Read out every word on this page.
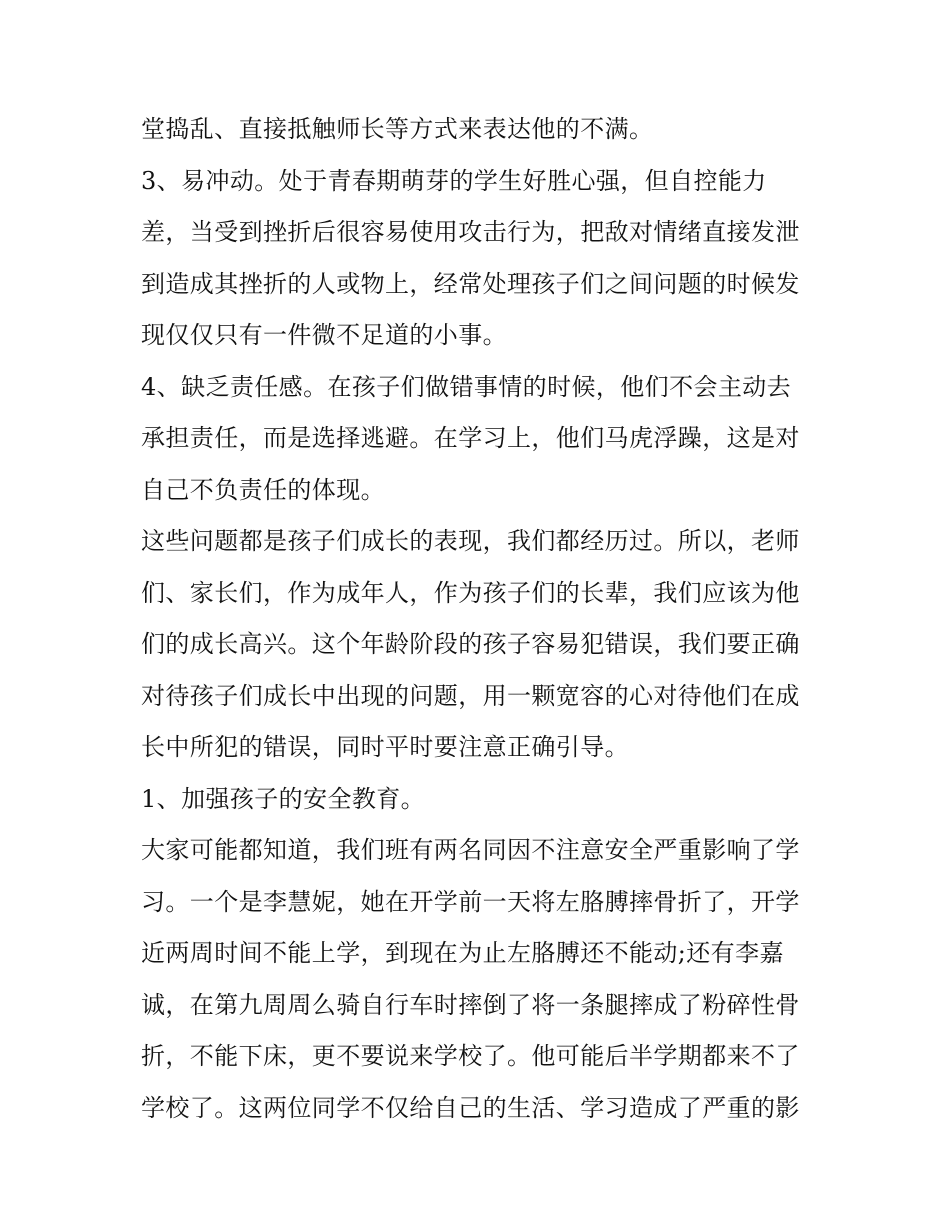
堂捣乱、直接抵触师长等方式来表达他的不满。
3、易冲动。处于青春期萌芽的学生好胜心强，但自控能力
差，当受到挫折后很容易使用攻击行为，把敌对情绪直接发泄
到造成其挫折的人或物上，经常处理孩子们之间问题的时候发
现仅仅只有一件微不足道的小事。
4、缺乏责任感。在孩子们做错事情的时候，他们不会主动去
承担责任，而是选择逃避。在学习上，他们马虎浮躁，这是对
自己不负责任的体现。
这些问题都是孩子们成长的表现，我们都经历过。所以，老师
们、家长们，作为成年人，作为孩子们的长辈，我们应该为他
们的成长高兴。这个年龄阶段的孩子容易犯错误，我们要正确
对待孩子们成长中出现的问题，用一颗宽容的心对待他们在成
长中所犯的错误，同时平时要注意正确引导。
1、加强孩子的安全教育。
大家可能都知道，我们班有两名同因不注意安全严重影响了学
习。一个是李慧妮，她在开学前一天将左胳膊摔骨折了，开学
近两周时间不能上学，到现在为止左胳膊还不能动;还有李嘉
诚，在第九周周么骑自行车时摔倒了将一条腿摔成了粉碎性骨
折，不能下床，更不要说来学校了。他可能后半学期都来不了
学校了。这两位同学不仅给自己的生活、学习造成了严重的影
